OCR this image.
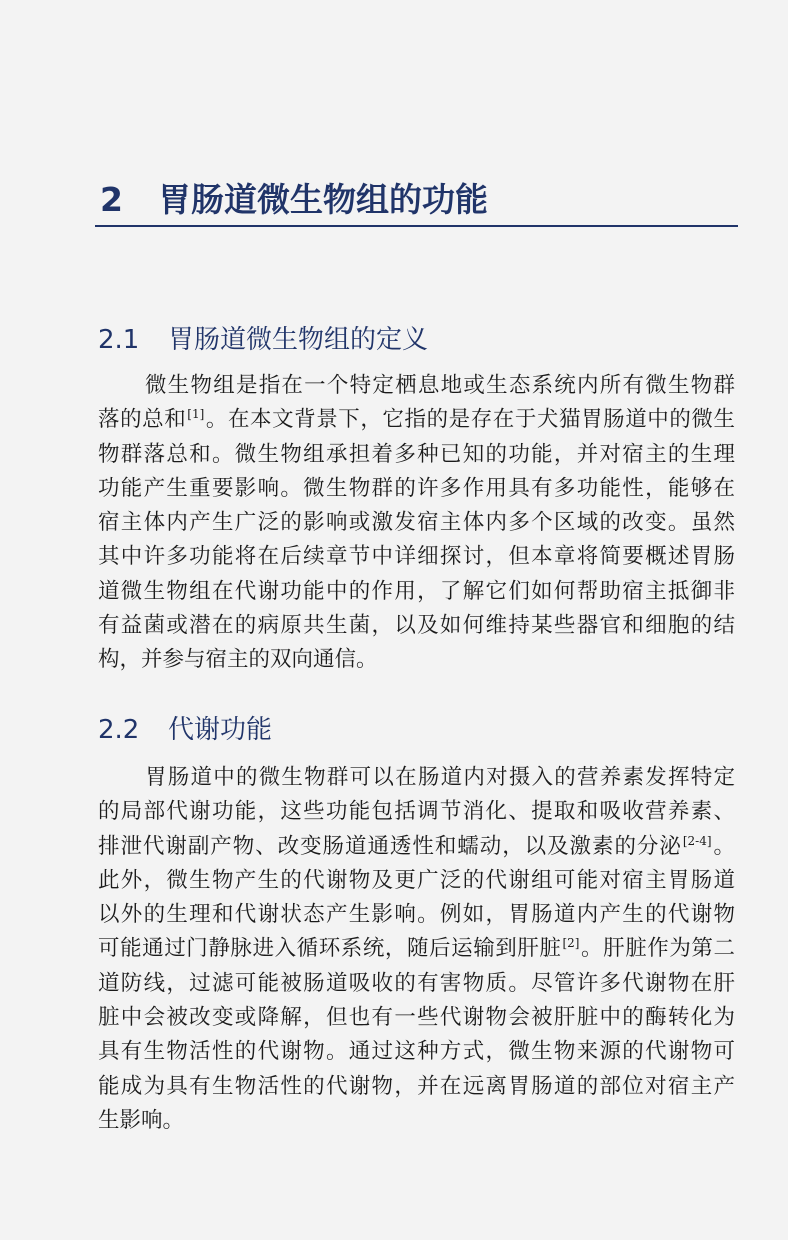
2 胃肠道微生物组的功能
2.1 胃肠道微生物组的定义
微生物组是指在一个特定栖息地或生态系统内所有微生物群
落的总和[1]。在本文背景下，它指的是存在于犬猫胃肠道中的微生
物群落总和。微生物组承担着多种已知的功能，并对宿主的生理
功能产生重要影响。微生物群的许多作用具有多功能性，能够在
宿主体内产生广泛的影响或激发宿主体内多个区域的改变。虽然
其中许多功能将在后续章节中详细探讨，但本章将简要概述胃肠
道微生物组在代谢功能中的作用，了解它们如何帮助宿主抵御非
有益菌或潜在的病原共生菌，以及如何维持某些器官和细胞的结
构，并参与宿主的双向通信。
2.2 代谢功能
胃肠道中的微生物群可以在肠道内对摄入的营养素发挥特定
的局部代谢功能，这些功能包括调节消化、提取和吸收营养素、
排泄代谢副产物、改变肠道通透性和蠕动，以及激素的分泌[2-4]。
此外，微生物产生的代谢物及更广泛的代谢组可能对宿主胃肠道
以外的生理和代谢状态产生影响。例如，胃肠道内产生的代谢物
可能通过门静脉进入循环系统，随后运输到肝脏[2]。肝脏作为第二
道防线，过滤可能被肠道吸收的有害物质。尽管许多代谢物在肝
脏中会被改变或降解，但也有一些代谢物会被肝脏中的酶转化为
具有生物活性的代谢物。通过这种方式，微生物来源的代谢物可
能成为具有生物活性的代谢物，并在远离胃肠道的部位对宿主产
生影响。
